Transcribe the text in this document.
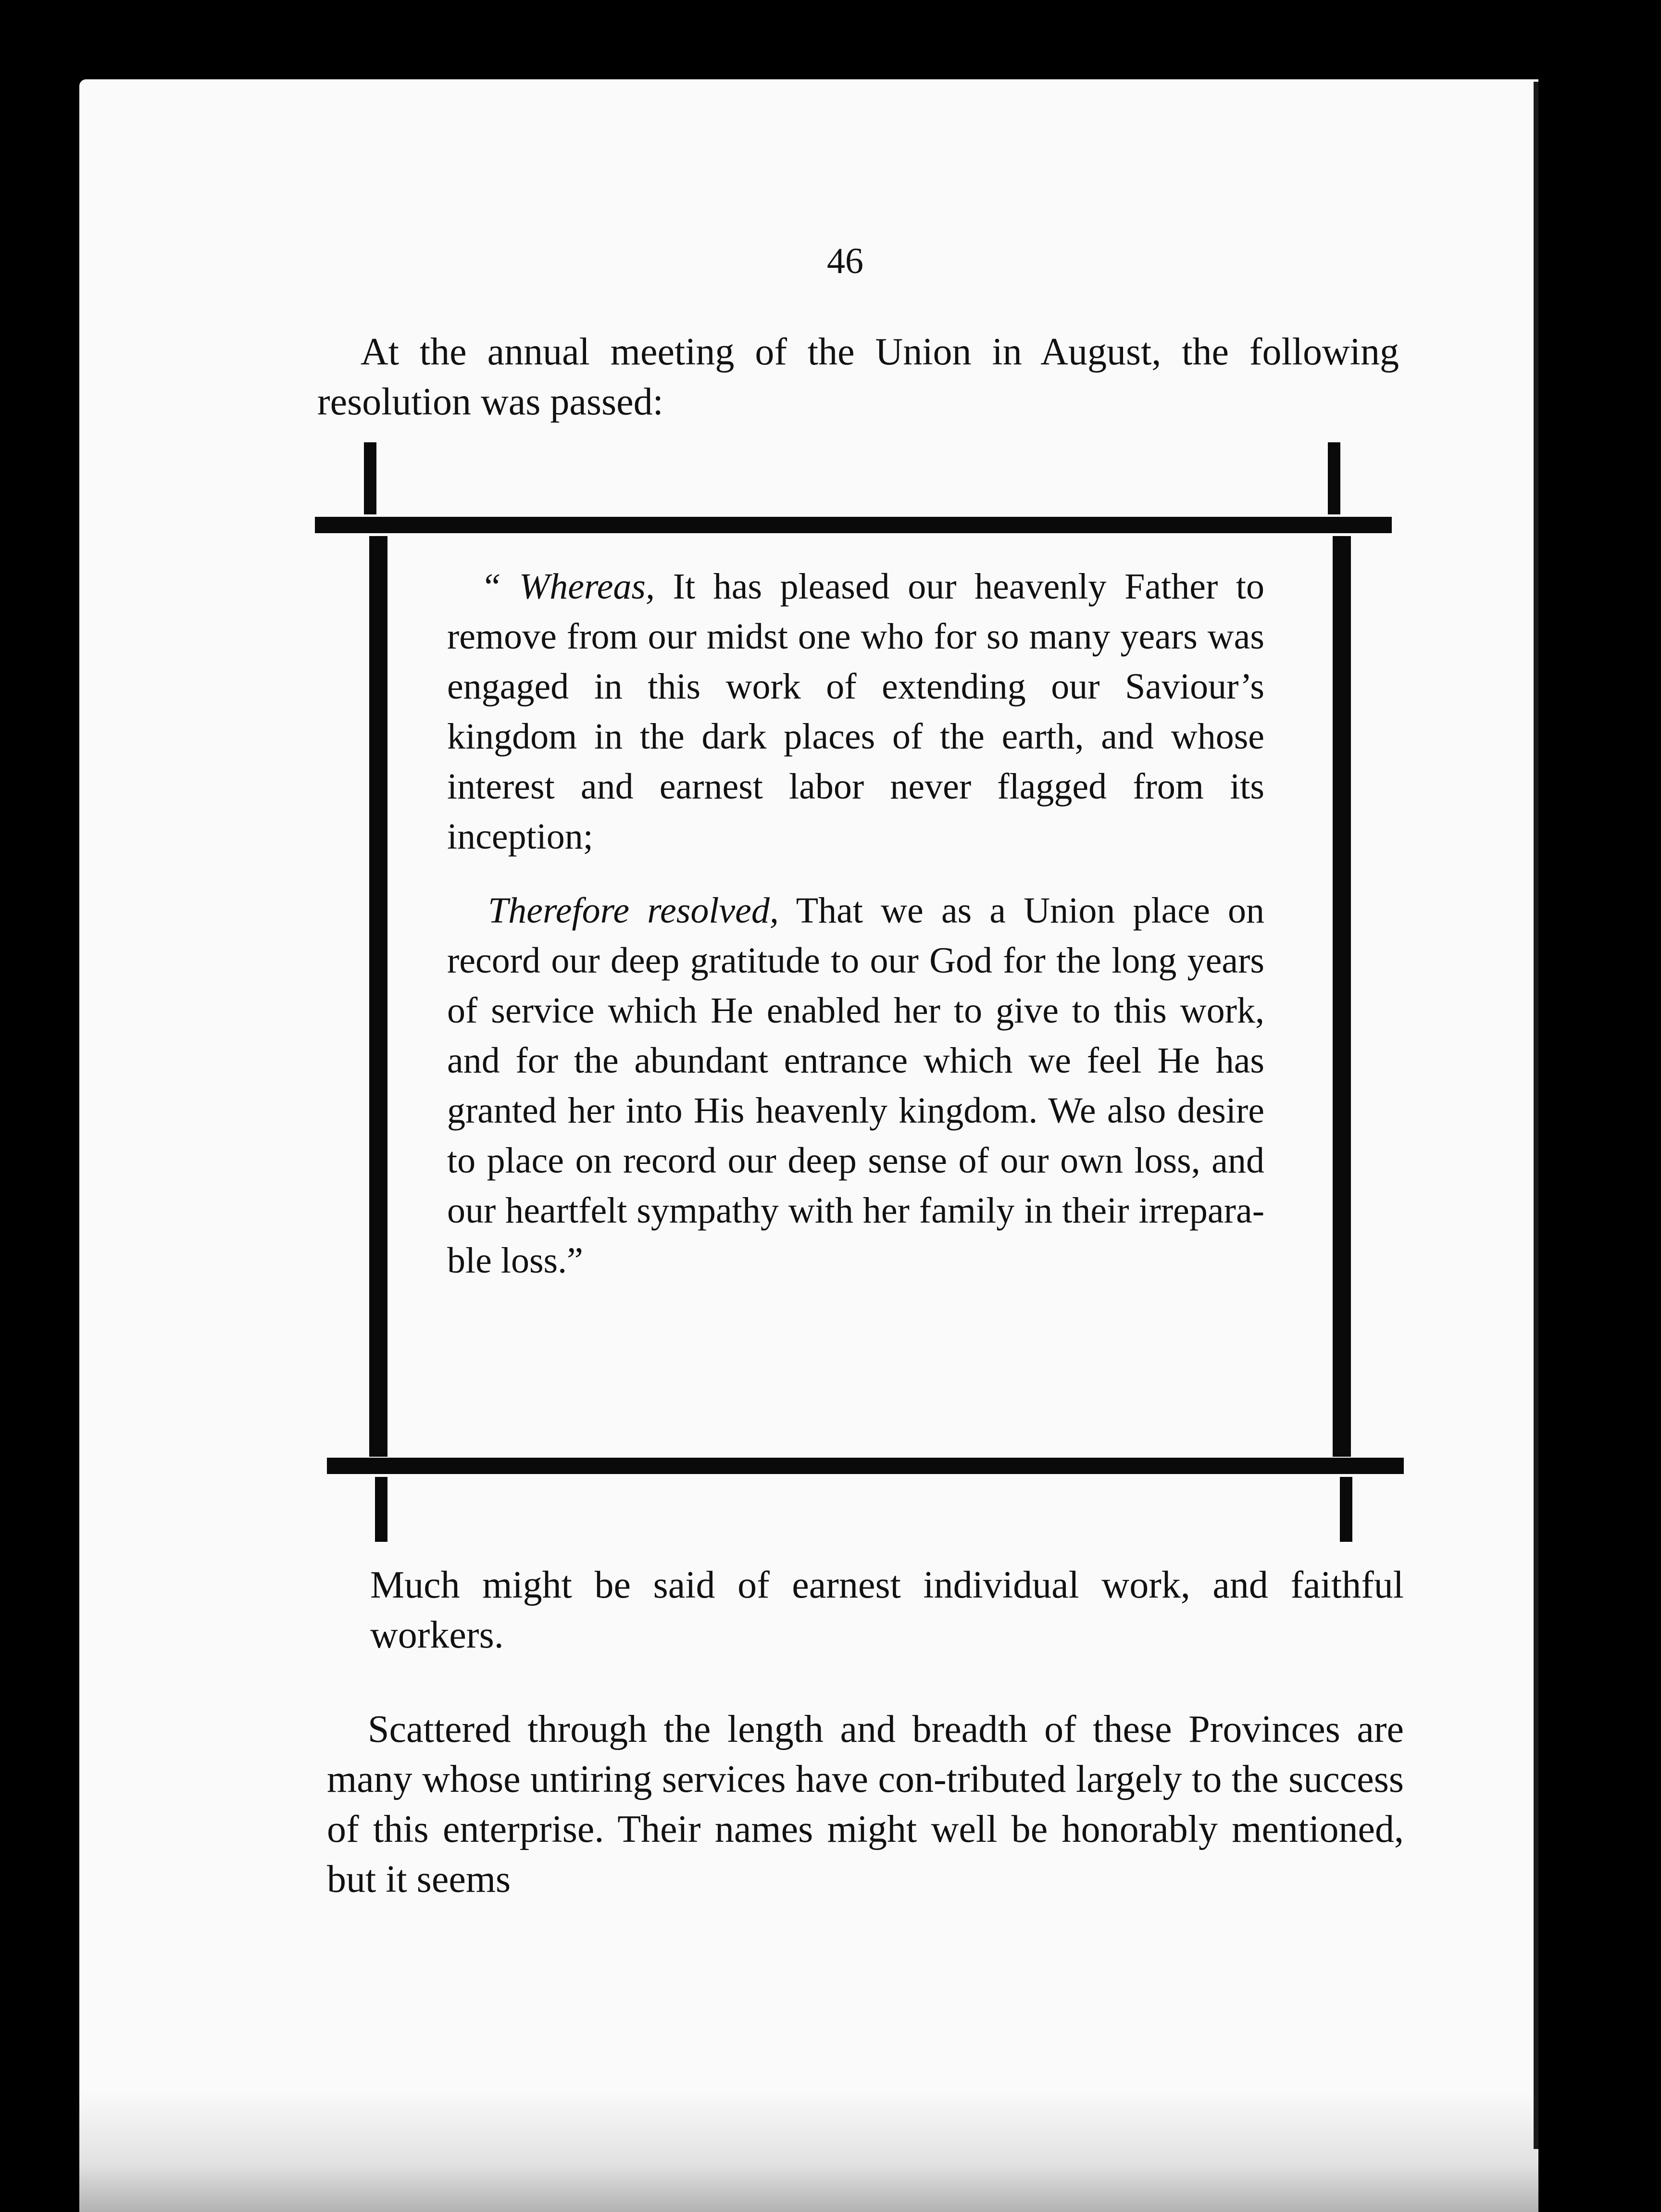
46

At the annual meeting of the Union in August, the following resolution was passed:

“ Whereas, It has pleased our heavenly Father to remove from our midst one who for so many years was engaged in this work of extending our Saviour’s kingdom in the dark places of the earth, and whose interest and earnest labor never flagged from its inception;

Therefore resolved, That we as a Union place on record our deep gratitude to our God for the long years of service which He enabled her to give to this work, and for the abundant entrance which we feel He has granted her into His heavenly kingdom. We also desire to place on record our deep sense of our own loss, and our heartfelt sympathy with her family in their irrepara-ble loss.”

Much might be said of earnest individual work, and faithful workers.

Scattered through the length and breadth of these Provinces are many whose untiring services have con-tributed largely to the success of this enterprise. Their names might well be honorably mentioned, but it seems
